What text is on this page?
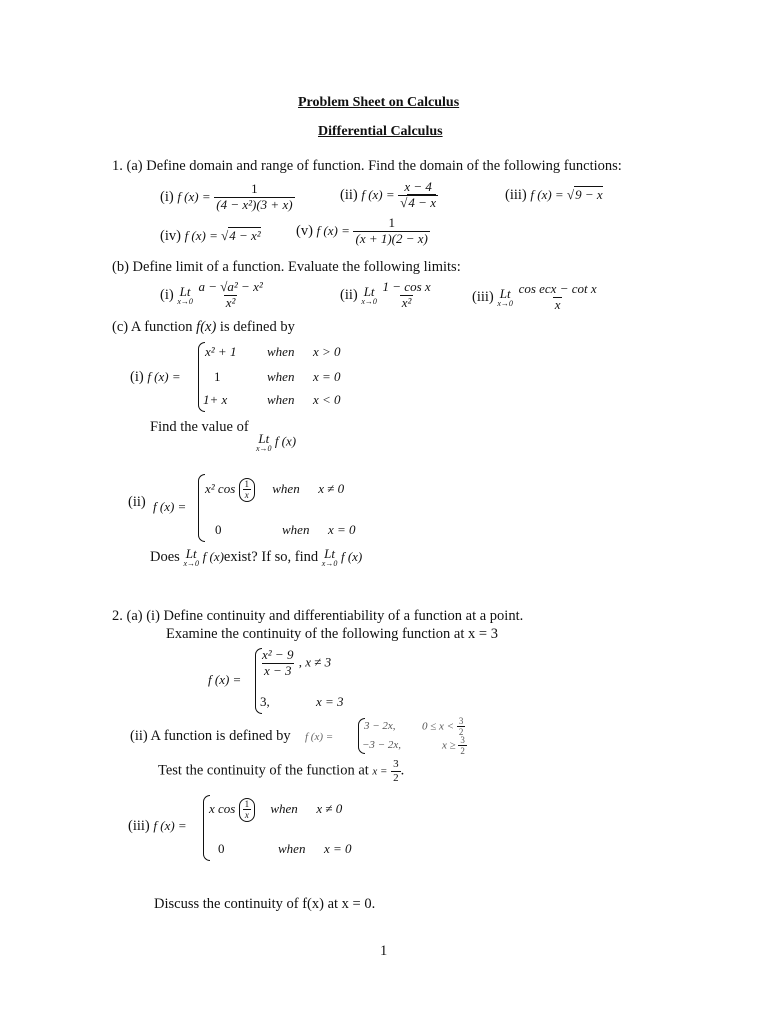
Problem Sheet on Calculus
Differential Calculus
1. (a) Define domain and range of function. Find the domain of the following functions:
(i) f $(x) = \frac{1}{\text{(4 − x²)(3 + x)}}$	(ii) f $(x) = \frac{x - 4}{√4 - x}$	(iii) f (x) = √9 − x
(iv) f (x) = √4 − x² (v) f $(x) = \frac{1}{(x + 1)(2 - x)}$
(b) Define limit of a function. Evaluate the following limits:
(i) Lt
x→0
$\frac{\text{a − √a² − x²}}{\text{x²}}$	(ii) Lt
x→0
$\frac{\text{1 − cos x}}{\text{x²}}$	(iii) Lt
x→0
$\frac{\text{cos ecx − cot x}}{x}$
(c) A function f(x) is defined by
(i) f (x) =
x² + 1 when x > 0
1	when x = 0
1+ x	when x < 0
Find the value of
Lt
x→0
f (x)
(ii) f (x) =
x² $\cos \frac{1}{x}$ when x ≠ 0
0	when x = 0
Does Lt
x→0 f (x)exist? If so, find Lt
x→0 f (x)
2. (a) (i) Define continuity and differentiability of a function at a point.
Examine the continuity of the following function at x = 3
f (x) =
$\frac{\text{x² − 9}}{x - 3}$ , x ≠ 3
3,	x = 3
(ii) A function is defined by f (x) =
3 − 2x, $0 \le x < \frac{3}{2}$
−3 − 2x,	$x \ge \frac{3}{2}$
Test the continuity of the function at $x = \frac{3}{2}$ .
(iii) f (x) =
x $\cos \frac{1}{x}$ when x ≠ 0
0	when x = 0
Discuss the continuity of f(x) at x = 0.
1
